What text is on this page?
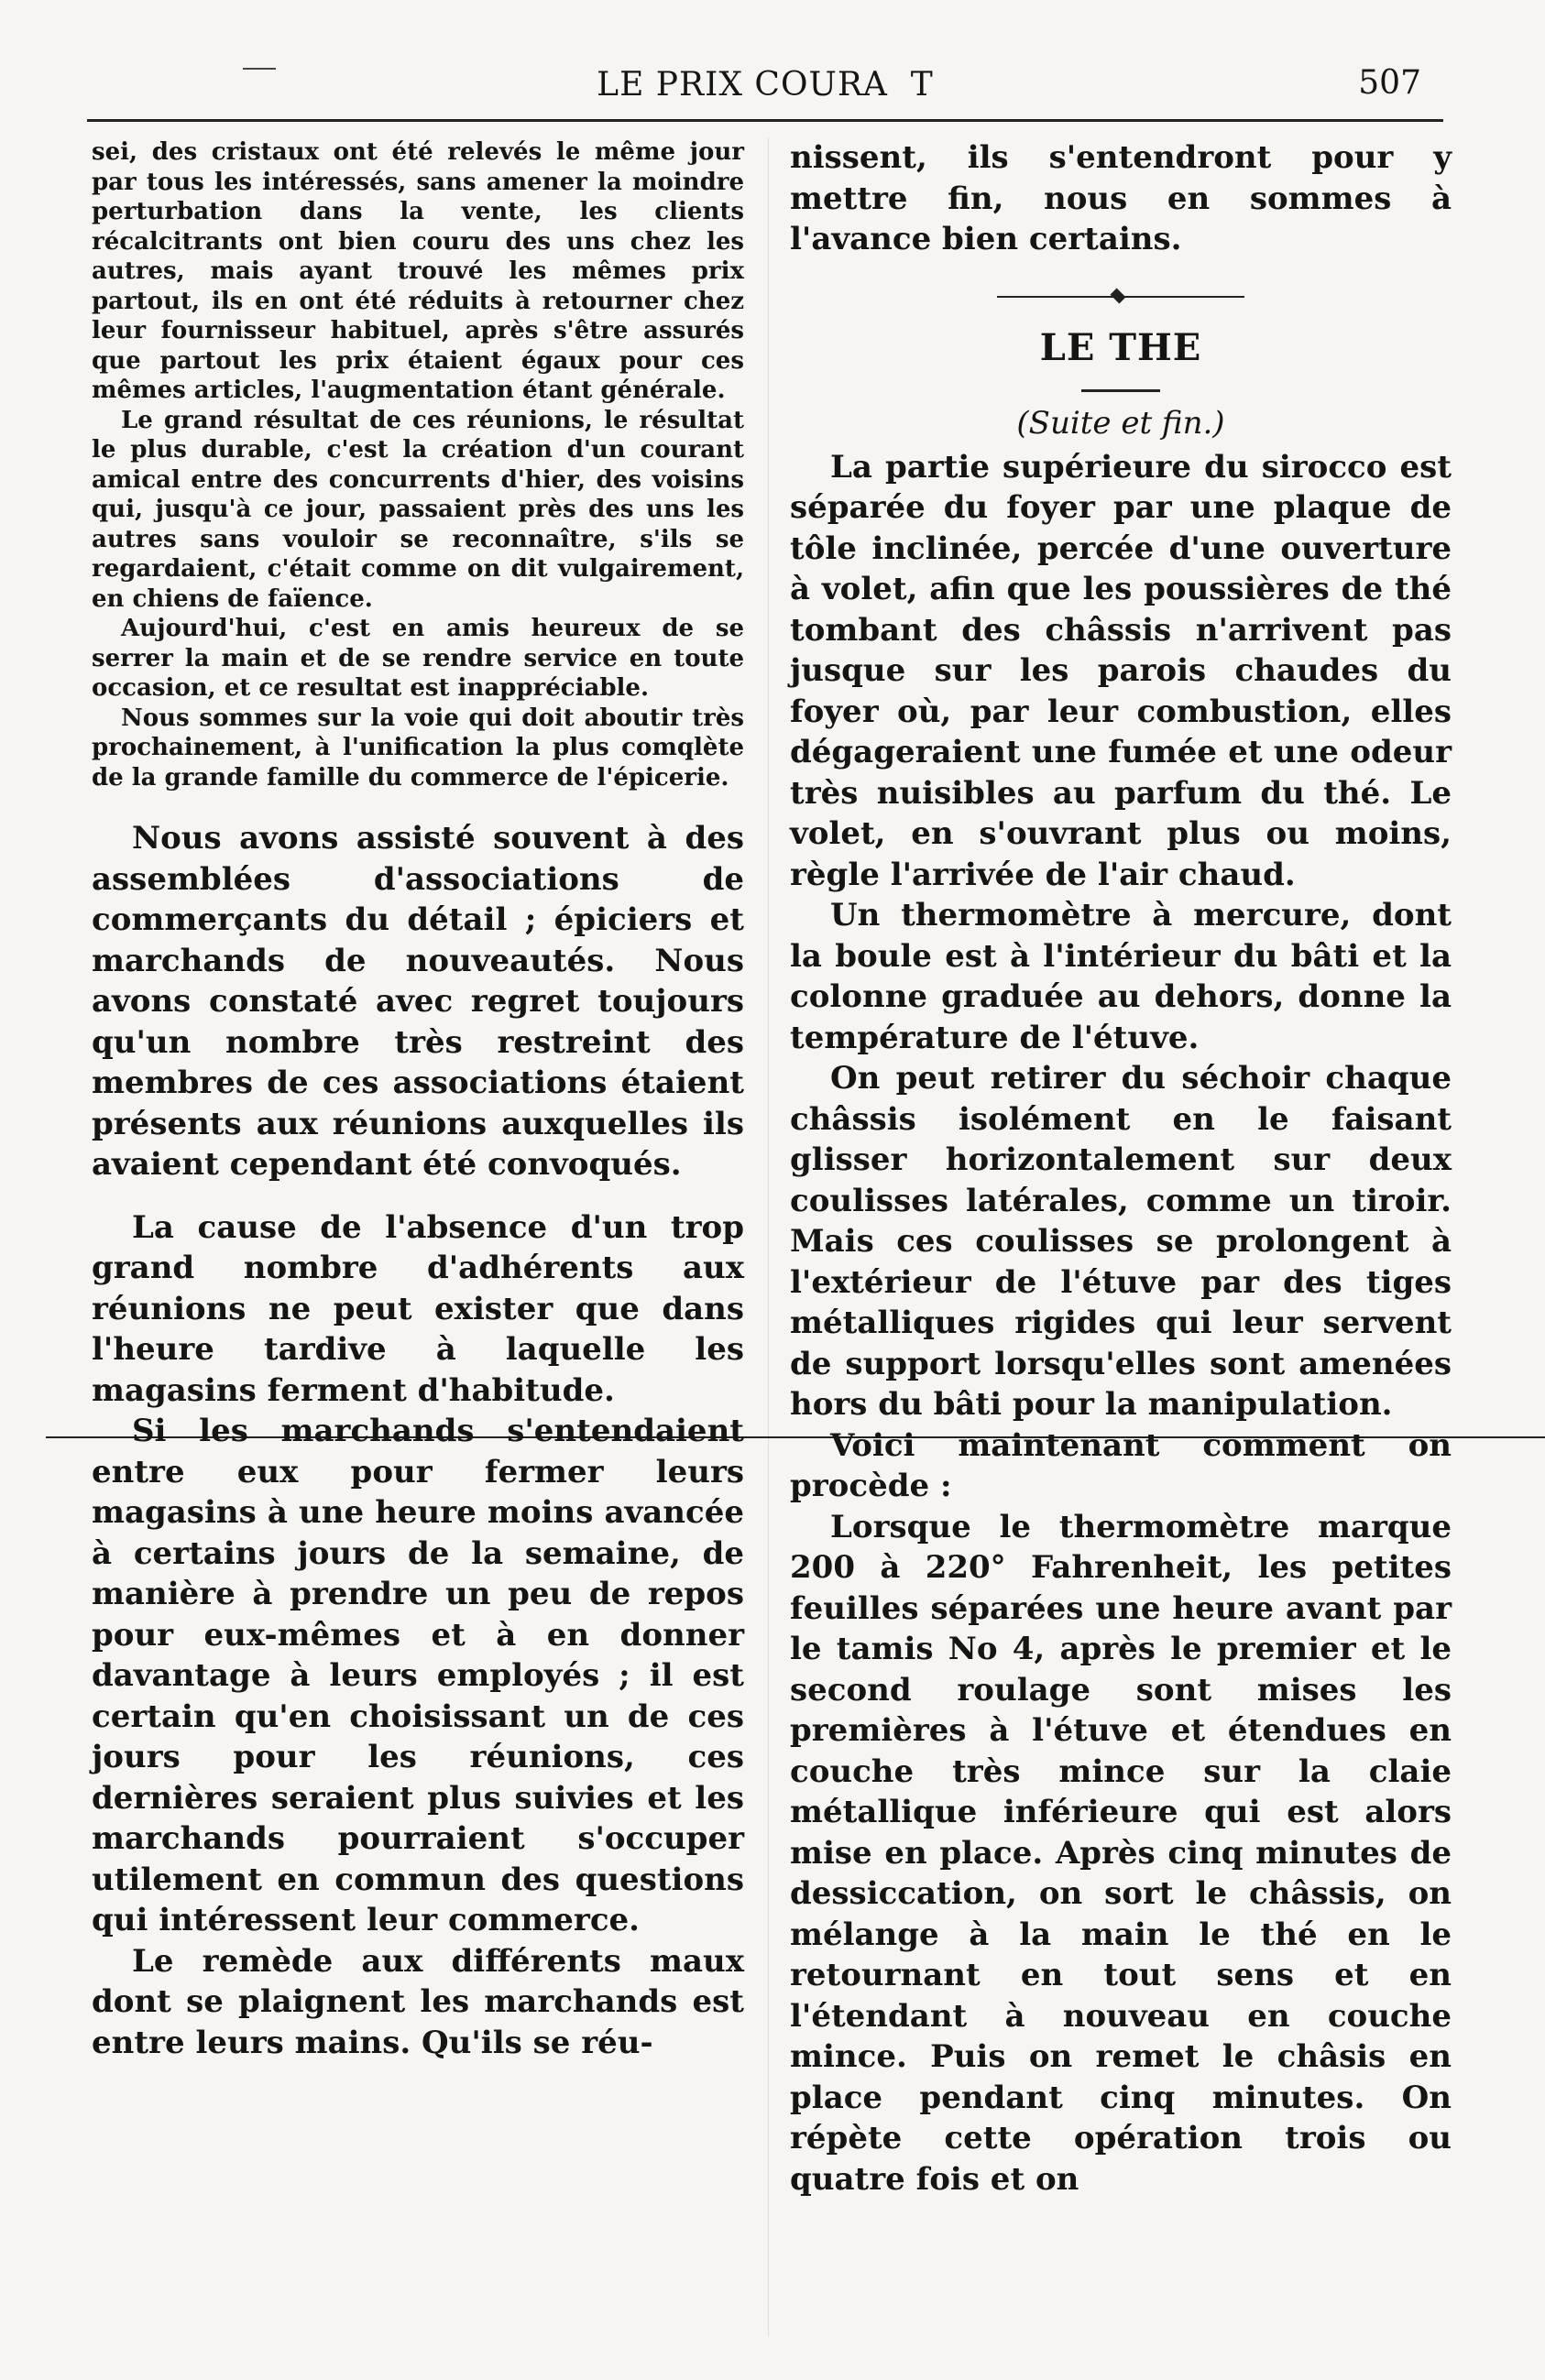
LE PRIX COURA  T	507

sei, des cristaux ont été relevés le même jour par tous les intéressés, sans amener la moindre perturbation dans la vente, les clients récalcitrants ont bien couru des uns chez les autres, mais ayant trouvé les mêmes prix partout, ils en ont été réduits à retourner chez leur fournisseur habituel, après s'être assurés que partout les prix étaient égaux pour ces mêmes articles, l'augmentation étant générale.

Le grand résultat de ces réunions, le résultat le plus durable, c'est la création d'un courant amical entre des concurrents d'hier, des voisins qui, jusqu'à ce jour, passaient près des uns les autres sans vouloir se reconnaître, s'ils se regardaient, c'était comme on dit vulgairement, en chiens de faïence.

Aujourd'hui, c'est en amis heureux de se serrer la main et de se rendre service en toute occasion, et ce resultat est inappréciable.

Nous sommes sur la voie qui doit aboutir très prochainement, à l'unification la plus comqlète de la grande famille du commerce de l'épicerie.

Nous avons assisté souvent à des assemblées d'associations de commerçants du détail ; épiciers et marchands de nouveautés. Nous avons constaté avec regret toujours qu'un nombre très restreint des membres de ces associations étaient présents aux réunions auxquelles ils avaient cependant été convoqués.

La cause de l'absence d'un trop grand nombre d'adhérents aux réunions ne peut exister que dans l'heure tardive à laquelle les magasins ferment d'habitude.

Si les marchands s'entendaient entre eux pour fermer leurs magasins à une heure moins avancée à certains jours de la semaine, de manière à prendre un peu de repos pour eux-mêmes et à en donner davantage à leurs employés ; il est certain qu'en choisissant un de ces jours pour les réunions, ces dernières seraient plus suivies et les marchands pourraient s'occuper utilement en commun des questions qui intéressent leur commerce.

Le remède aux différents maux dont se plaignent les marchands est entre leurs mains. Qu'ils se réu-

nissent, ils s'entendront pour y mettre fin, nous en sommes à l'avance bien certains.

LE THE
(Suite et fin.)

La partie supérieure du sirocco est séparée du foyer par une plaque de tôle inclinée, percée d'une ouverture à volet, afin que les poussières de thé tombant des châssis n'arrivent pas jusque sur les parois chaudes du foyer où, par leur combustion, elles dégageraient une fumée et une odeur très nuisibles au parfum du thé. Le volet, en s'ouvrant plus ou moins, règle l'arrivée de l'air chaud.

Un thermomètre à mercure, dont la boule est à l'intérieur du bâti et la colonne graduée au dehors, donne la température de l'étuve.

On peut retirer du séchoir chaque châssis isolément en le faisant glisser horizontalement sur deux coulisses latérales, comme un tiroir. Mais ces coulisses se prolongent à l'extérieur de l'étuve par des tiges métalliques rigides qui leur servent de support lorsqu'elles sont amenées hors du bâti pour la manipulation.

Voici maintenant comment on procède :

Lorsque le thermomètre marque 200 à 220° Fahrenheit, les petites feuilles séparées une heure avant par le tamis No 4, après le premier et le second roulage sont mises les premières à l'étuve et étendues en couche très mince sur la claie métallique inférieure qui est alors mise en place. Après cinq minutes de dessiccation, on sort le châssis, on mélange à la main le thé en le retournant en tout sens et en l'étendant à nouveau en couche mince. Puis on remet le châsis en place pendant cinq minutes. On répète cette opération trois ou quatre fois et on
